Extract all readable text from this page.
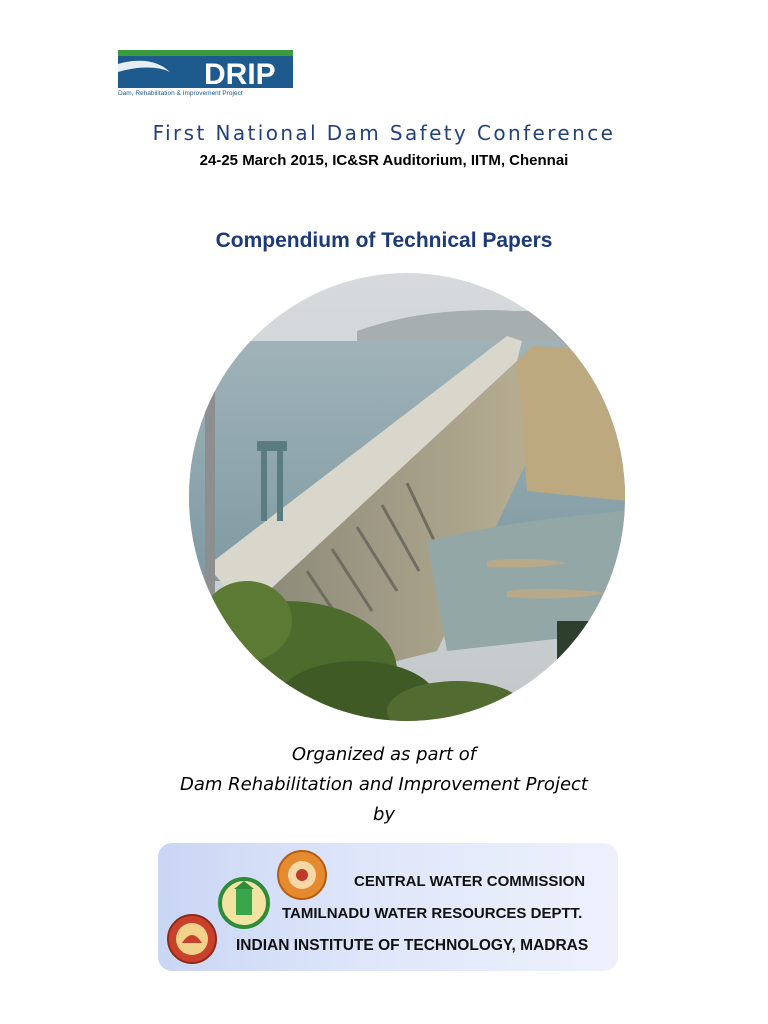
DRIP
Dam, Rehabilitation & Improvement Project
First National Dam Safety Conference
24-25 March 2015, IC&SR Auditorium, IITM, Chennai
Compendium of Technical Papers
Organized as part of
Dam Rehabilitation and Improvement Project
by
CENTRAL WATER COMMISSION
TAMILNADU WATER RESOURCES DEPTT.
INDIAN INSTITUTE OF TECHNOLOGY, MADRAS
